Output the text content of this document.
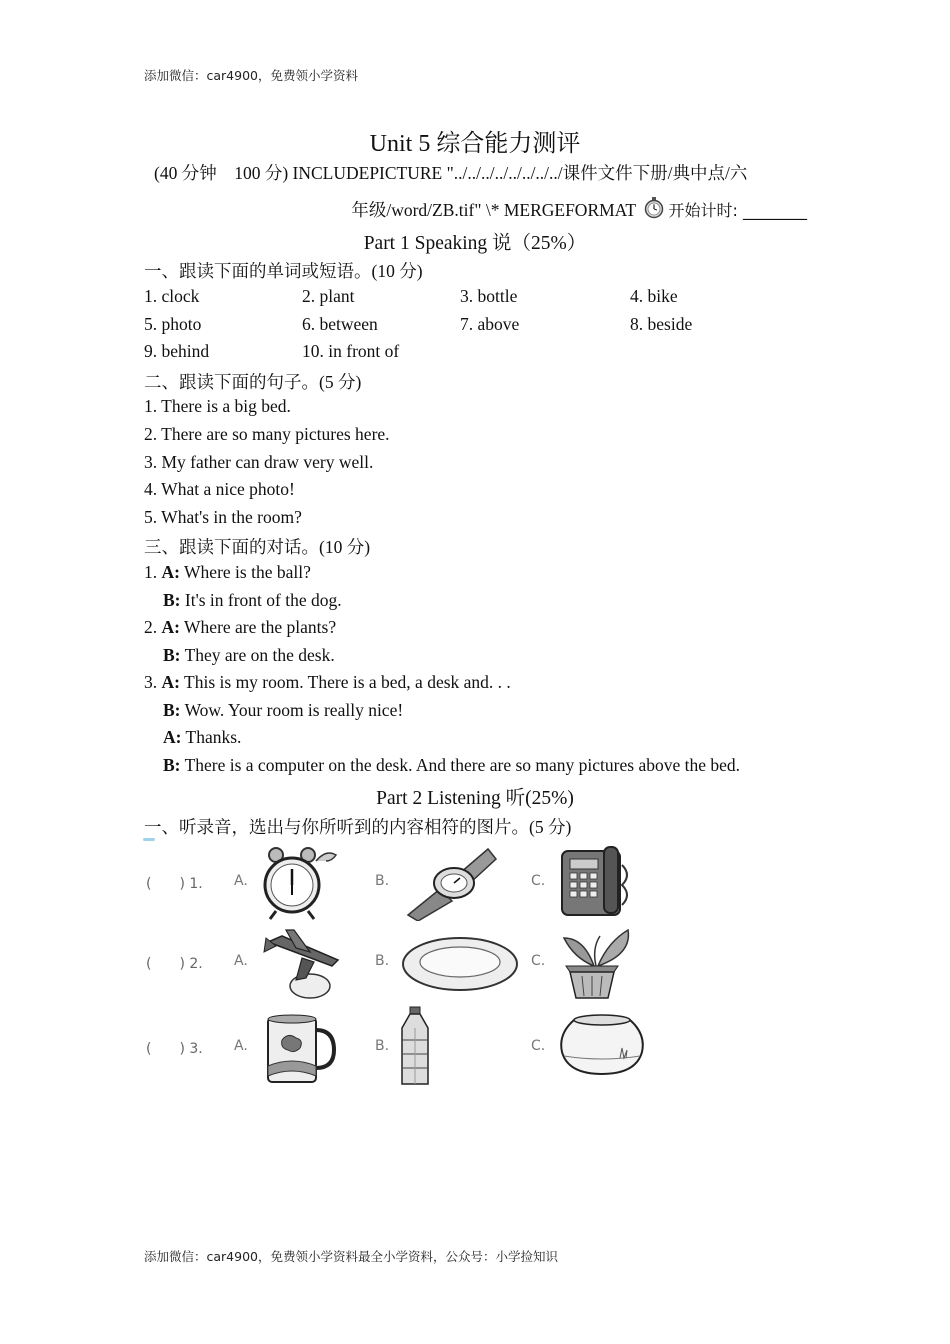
添加微信：car4900，免费领小学资料
Unit 5 综合能力测评
(40 分钟　100 分) INCLUDEPICTURE "../../../../../../../../课件文件下册/典中点/六
年级/word/ZB.tif" \* MERGEFORMAT 开始计时: ________
Part 1 Speaking 说（25%）
一、跟读下面的单词或短语。(10 分)
1. clock	2. plant	3. bottle	4. bike
5. photo	6. between	7. above	8. beside
9. behind	10. in front of
二、跟读下面的句子。(5 分)
1. There is a big bed.
2. There are so many pictures here.
3. My father can draw very well.
4. What a nice photo!
5. What's in the room?
三、跟读下面的对话。(10 分)
1. A: Where is the ball?
B: It's in front of the dog.
2. A: Where are the plants?
B: They are on the desk.
3. A: This is my room. There is a bed, a desk and. . .
B: Wow. Your room is really nice!
A: Thanks.
B: There is a computer on the desk. And there are so many pictures above the bed.
Part 2 Listening 听(25%)
一、听录音，选出与你所听到的内容相符的图片。(5 分)
(　　) 1. A.	B.	C.
(　　) 2. A.	B.	C.
(　　) 3. A.	B.	C.
添加微信：car4900，免费领小学资料最全小学资料，公众号：小学捡知识
